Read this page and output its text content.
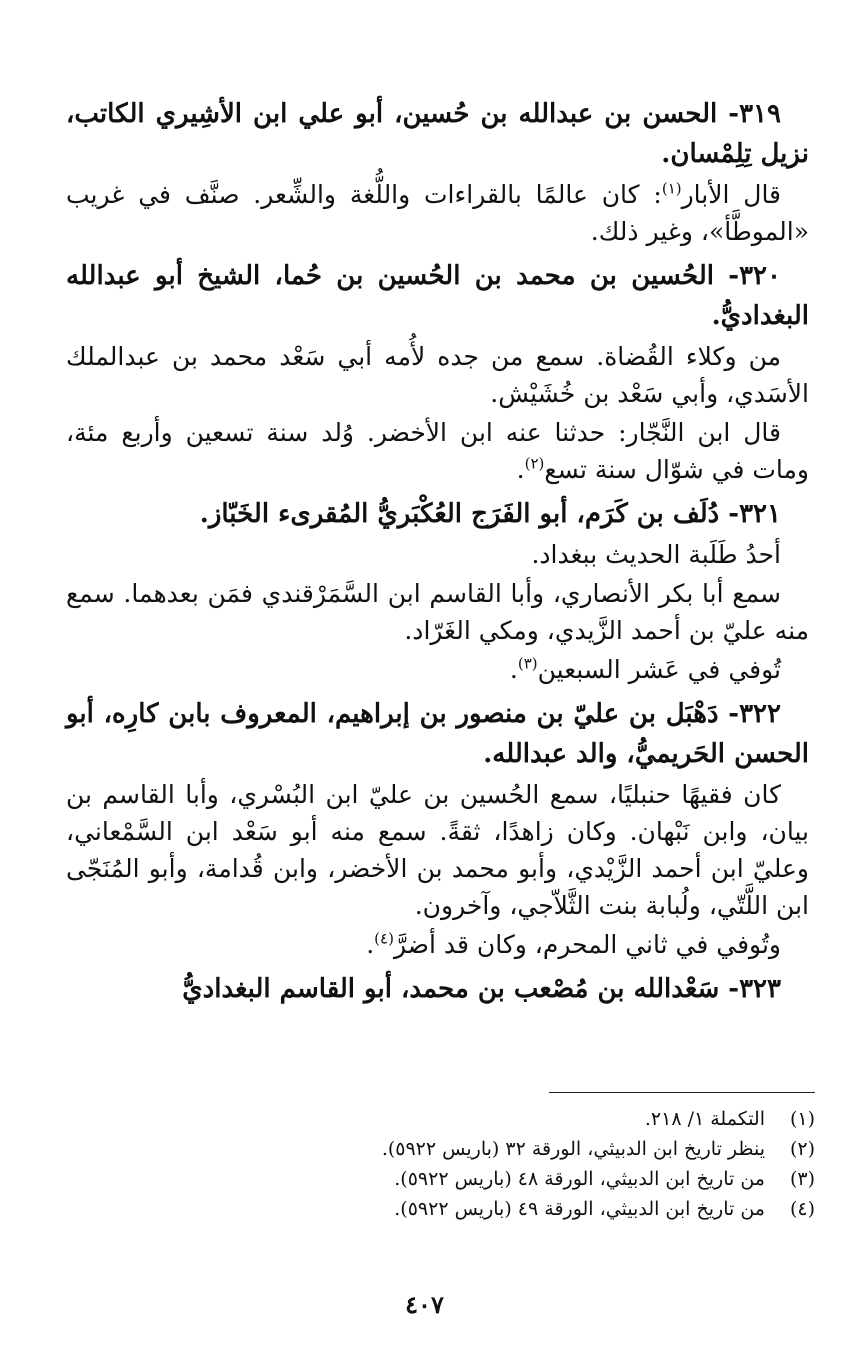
٣١٩- الحسن بن عبدالله بن حُسين، أبو علي ابن الأشِيري الكاتب، نزيل تِلِمْسان.

قال الأبار$^{(١)}$: كان عالمًا بالقراءات واللُّغة والشِّعر. صنَّف في غريب «الموطَّأ»، وغير ذلك.

٣٢٠- الحُسين بن محمد بن الحُسين بن حُما، الشيخ أبو عبدالله البغداديُّ.

من وكلاء القُضاة. سمع من جده لأُمه أبي سَعْد محمد بن عبدالملك الأسَدي، وأبي سَعْد بن خُشَيْش.

قال ابن النَّجّار: حدثنا عنه ابن الأخضر. وُلد سنة تسعين وأربع مئة، ومات في شوّال سنة تسع$^{(٢)}$.

٣٢١- دُلَف بن كَرَم، أبو الفَرَج العُكْبَريُّ المُقرىء الخَبّاز.

أحدُ طَلَبة الحديث ببغداد.

سمع أبا بكر الأنصاري، وأبا القاسم ابن السَّمَرْقندي فمَن بعدهما. سمع منه عليّ بن أحمد الزَّيدي، ومكي الغَرّاد.

تُوفي في عَشر السبعين$^{(٣)}$.

٣٢٢- دَهْبَل بن عليّ بن منصور بن إبراهيم، المعروف بابن كارِه، أبو الحسن الحَريميُّ، والد عبدالله.

كان فقيهًا حنبليًا، سمع الحُسين بن عليّ ابن البُسْري، وأبا القاسم بن بيان، وابن نَبْهان. وكان زاهدًا، ثقةً. سمع منه أبو سَعْد ابن السَّمْعاني، وعليّ ابن أحمد الزَّيْدي، وأبو محمد بن الأخضر، وابن قُدامة، وأبو المُنَجّى ابن اللَّتّي، ولُبابة بنت الثَّلاّجي، وآخرون.

وتُوفي في ثاني المحرم، وكان قد أضرَّ$^{(٤)}$.

٣٢٣- سَعْدالله بن مُصْعب بن محمد، أبو القاسم البغداديُّ

(١)
التكملة ١/ ٢١٨.
(٢)
ينظر تاريخ ابن الدبيثي، الورقة ٣٢ (باريس ٥٩٢٢).
(٣)
من تاريخ ابن الدبيثي، الورقة ٤٨ (باريس ٥٩٢٢).
(٤)
من تاريخ ابن الدبيثي، الورقة ٤٩ (باريس ٥٩٢٢).
٤٠٧
